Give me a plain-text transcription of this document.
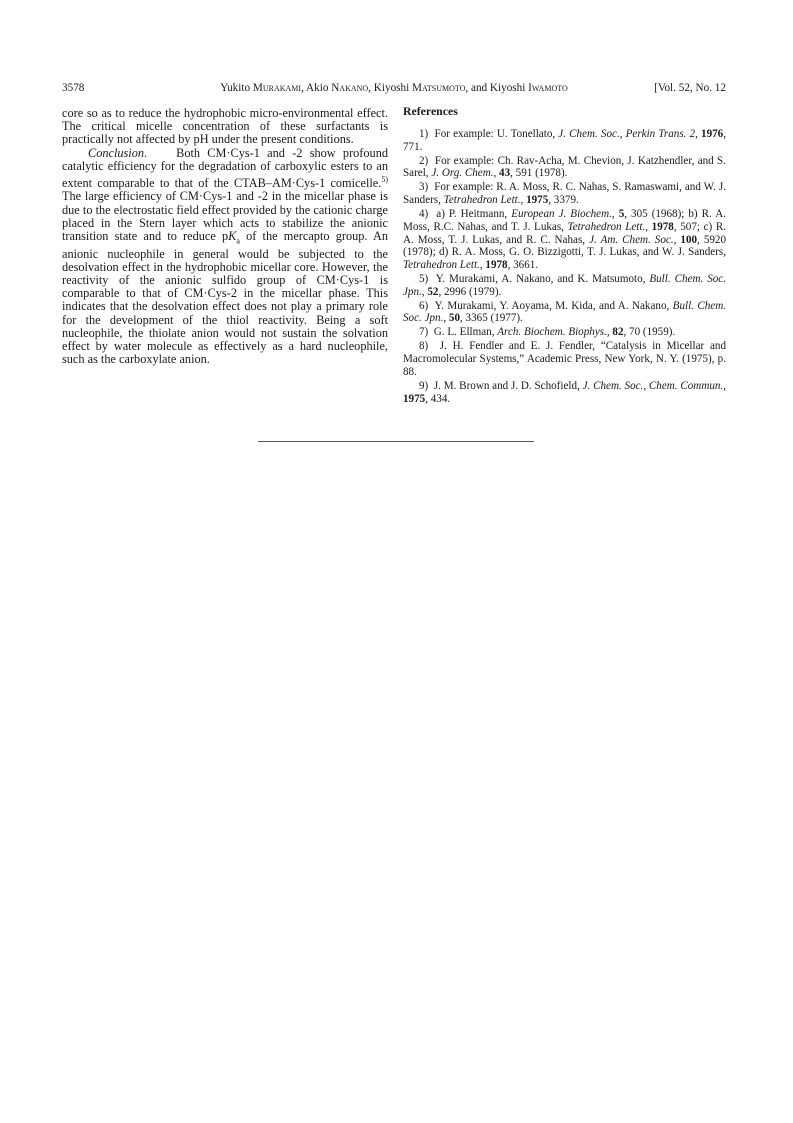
3578	Yukito Murakami, Akio Nakano, Kiyoshi Matsumoto, and Kiyoshi Iwamoto	[Vol. 52, No. 12

core so as to reduce the hydrophobic micro-environmental effect. The critical micelle concentration of these surfactants is practically not affected by pH under the present conditions.

Conclusion.    Both CM·Cys-1 and -2 show profound catalytic efficiency for the degradation of carboxylic esters to an extent comparable to that of the CTAB–AM·Cys-1 comicelle.$^{5)}$ The large efficiency of CM·Cys-1 and -2 in the micellar phase is due to the electrostatic field effect provided by the cationic charge placed in the Stern layer which acts to stabilize the anionic transition state and to reduce $pK_a$ of the mercapto group. An anionic nucleophile in general would be subjected to the desolvation effect in the hydrophobic micellar core. However, the reactivity of the anionic sulfido group of CM·Cys-1 is comparable to that of CM·Cys-2 in the micellar phase. This indicates that the desolvation effect does not play a primary role for the development of the thiol reactivity. Being a soft nucleophile, the thiolate anion would not sustain the solvation effect by water molecule as effectively as a hard nucleophile, such as the carboxylate anion.

References
1)  For example: U. Tonellato, J. Chem. Soc., Perkin Trans. 2, 1976, 771.
2)  For example: Ch. Rav-Acha, M. Chevion, J. Katzhendler, and S. Sarel, J. Org. Chem., 43, 591 (1978).
3)  For example: R. A. Moss, R. C. Nahas, S. Ramaswami, and W. J. Sanders, Tetrahedron Lett., 1975, 3379.
4)  a) P. Heitmann, European J. Biochem., 5, 305 (1968); b) R. A. Moss, R.C. Nahas, and T. J. Lukas, Tetrahedron Lett., 1978, 507; c) R. A. Moss, T. J. Lukas, and R. C. Nahas, J. Am. Chem. Soc., 100, 5920 (1978); d) R. A. Moss, G. O. Bizzigotti, T. J. Lukas, and W. J. Sanders, Tetrahedron Lett., 1978, 3661.
5)  Y. Murakami, A. Nakano, and K. Matsumoto, Bull. Chem. Soc. Jpn., 52, 2996 (1979).
6)  Y. Murakami, Y. Aoyama, M. Kida, and A. Nakano, Bull. Chem. Soc. Jpn., 50, 3365 (1977).
7)  G. L. Ellman, Arch. Biochem. Biophys., 82, 70 (1959).
8)  J. H. Fendler and E. J. Fendler, “Catalysis in Micellar and Macromolecular Systems,” Academic Press, New York, N. Y. (1975), p. 88.
9)  J. M. Brown and J. D. Schofield, J. Chem. Soc., Chem. Commun., 1975, 434.
